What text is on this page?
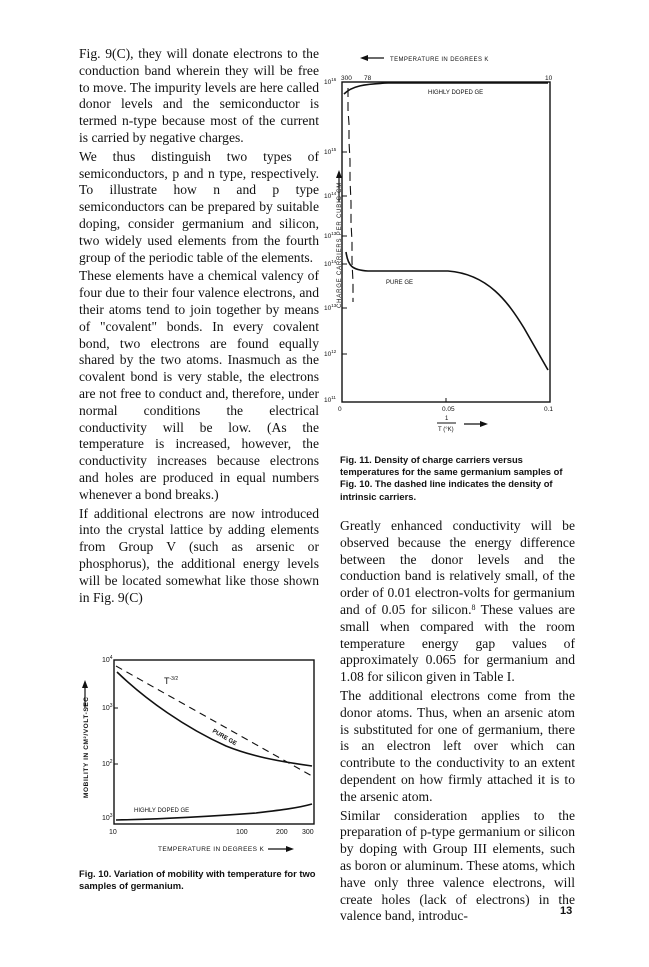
Fig. 9(C), they will donate electrons to the conduction band wherein they will be free to move. The impurity levels are here called donor levels and the semiconductor is termed n-type because most of the current is carried by negative charges.

We thus distinguish two types of semiconductors, p and n type, respectively. To illustrate how n and p type semiconductors can be prepared by suitable doping, consider germanium and silicon, two widely used elements from the fourth group of the periodic table of the elements.

These elements have a chemical valency of four due to their four valence electrons, and their atoms tend to join together by means of "covalent" bonds. In every covalent bond, two electrons are found equally shared by the two atoms. Inasmuch as the covalent bond is very stable, the electrons are not free to conduct and, therefore, under normal conditions the electrical conductivity will be low. (As the temperature is increased, however, the conductivity increases because electrons and holes are produced in equal numbers whenever a bond breaks.)

If additional electrons are now introduced into the crystal lattice by adding elements from Group V (such as arsenic or phosphorus), the additional energy levels will be located somewhat like those shown in Fig. 9(C)

$10^4$
$10^3$
$10^2$
$10^3$
MOBILITY IN CM²/VOLT-SEC
10	100	200 300
TEMPERATURE IN DEGREES K
$T^{-3/2}$
PURE GE
HIGHLY DOPED GE
Fig. 10. Variation of mobility with temperature for two samples of germanium.
TEMPERATURE IN DEGREES K
300 78	10
$10^{16}$
$10^{15}$
$10^{14}$
$10^{13}$
$10^{14}$
$10^{13}$
$10^{12}$
$10^{11}$
CHARGE CARRIERS PER CUBIC CM
HIGHLY DOPED GE
PURE GE
0	0.05	0.1
1
T (°K)
Fig. 11. Density of charge carriers versus temperatures for the same germanium samples of Fig. 10. The dashed line indicates the density of intrinsic carriers.

Greatly enhanced conductivity will be observed because the energy difference between the donor levels and the conduction band is relatively small, of the order of 0.01 electron-volts for germanium and of 0.05 for silicon.$^8$ These values are small when compared with the room temperature energy gap values of approximately 0.065 for germanium and 1.08 for silicon given in Table I.

The additional electrons come from the donor atoms. Thus, when an arsenic atom is substituted for one of germanium, there is an electron left over which can contribute to the conductivity to an extent dependent on how firmly attached it is to the arsenic atom.

Similar consideration applies to the preparation of p-type germanium or silicon by doping with Group III elements, such as boron or aluminum. These atoms, which have only three valence electrons, will create holes (lack of electrons) in the valence band, introduc-	13
